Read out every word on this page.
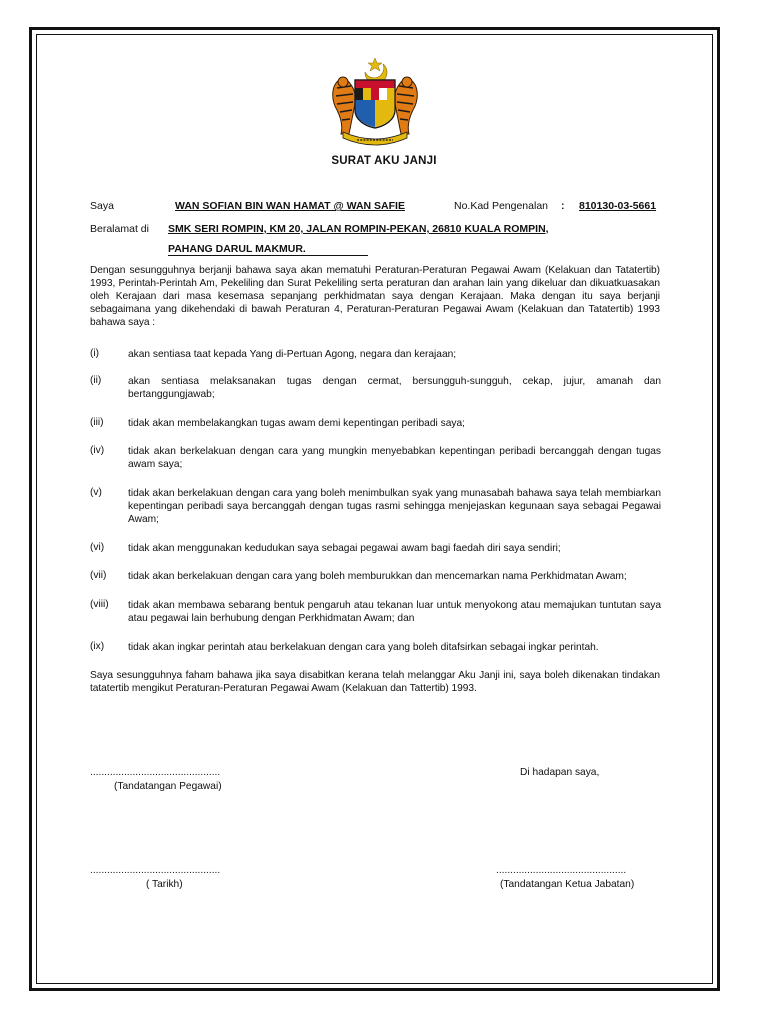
SURAT AKU JANJI
Saya	WAN SOFIAN BIN WAN HAMAT @ WAN SAFIE	No.Kad Pengenalan : 810130-03-5661
Beralamat di SMK SERI ROMPIN, KM 20, JALAN ROMPIN-PEKAN, 26810 KUALA ROMPIN,
PAHANG DARUL MAKMUR.
Dengan sesungguhnya berjanji bahawa saya akan mematuhi Peraturan-Peraturan Pegawai Awam (Kelakuan dan Tatatertib) 1993, Perintah-Perintah Am, Pekeliling dan Surat Pekeliling serta peraturan dan arahan lain yang dikeluar dan dikuatkuasakan oleh Kerajaan dari masa kesemasa sepanjang perkhidmatan saya dengan Kerajaan. Maka dengan itu saya berjanji sebagaimana yang dikehendaki di bawah Peraturan 4, Peraturan-Peraturan Pegawai Awam (Kelakuan dan Tatatertib) 1993 bahawa saya :
(i)	akan sentiasa taat kepada Yang di-Pertuan Agong, negara dan kerajaan;
(ii)	akan sentiasa melaksanakan tugas dengan cermat, bersungguh-sungguh, cekap, jujur, amanah dan bertanggungjawab;
(iii) tidak akan membelakangkan tugas awam demi kepentingan peribadi saya;
(iv) tidak akan berkelakuan dengan cara yang mungkin menyebabkan kepentingan peribadi bercanggah dengan tugas awam saya;
(v)	tidak akan berkelakuan dengan cara yang boleh menimbulkan syak yang munasabah bahawa saya telah membiarkan kepentingan peribadi saya bercanggah dengan tugas rasmi sehingga menjejaskan kegunaan saya sebagai Pegawai Awam;
(vi) tidak akan menggunakan kedudukan saya sebagai pegawai awam bagi faedah diri saya sendiri;
(vii) tidak akan berkelakuan dengan cara yang boleh memburukkan dan mencemarkan nama Perkhidmatan Awam;
(viii) tidak akan membawa sebarang bentuk pengaruh atau tekanan luar untuk menyokong atau memajukan tuntutan saya atau pegawai lain berhubung dengan Perkhidmatan Awam; dan
(ix) tidak akan ingkar perintah atau berkelakuan dengan cara yang boleh ditafsirkan sebagai ingkar perintah.
Saya sesungguhnya faham bahawa jika saya disabitkan kerana telah melanggar Aku Janji ini, saya boleh dikenakan tindakan tatatertib mengikut Peraturan-Peraturan Pegawai Awam (Kelakuan dan Tattertib) 1993.
..............................................
(Tandatangan Pegawai)
Di hadapan saya,
..............................................
( Tarikh)
..............................................
(Tandatangan Ketua Jabatan)
